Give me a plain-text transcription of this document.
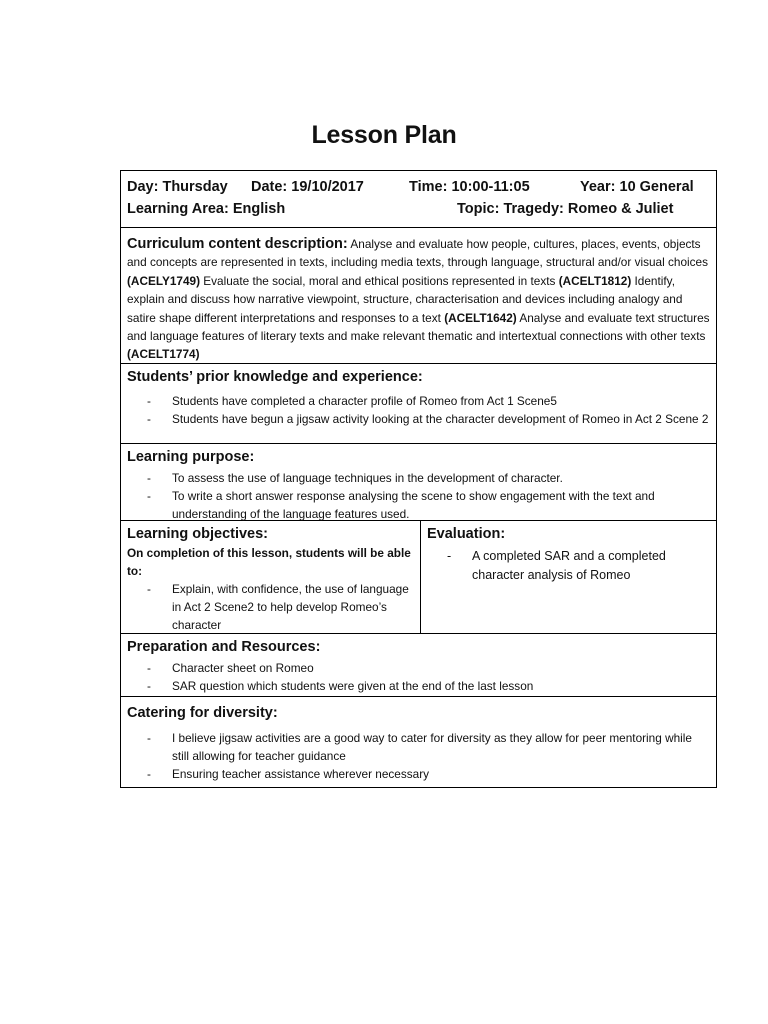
Lesson Plan
Day: Thursday	Date: 19/10/2017	Time: 10:00-11:05	Year: 10 General
Learning Area: English	Topic: Tragedy: Romeo & Juliet

Curriculum content description: Analyse and evaluate how people, cultures, places, events, objects and concepts are represented in texts, including media texts, through language, structural and/or visual choices (ACELY1749) Evaluate the social, moral and ethical positions represented in texts (ACELT1812) Identify, explain and discuss how narrative viewpoint, structure, characterisation and devices including analogy and satire shape different interpretations and responses to a text (ACELT1642) Analyse and evaluate text structures and language features of literary texts and make relevant thematic and intertextual connections with other texts (ACELT1774)

Students’ prior knowledge and experience:
- Students have completed a character profile of Romeo from Act 1 Scene5
- Students have begun a jigsaw activity looking at the character development of Romeo in Act 2 Scene 2
Learning purpose:
- To assess the use of language techniques in the development of character.
- To write a short answer response analysing the scene to show engagement with the text and understanding of the language features used.
Learning objectives:
On completion of this lesson, students will be able to:
- Explain, with confidence, the use of language in Act 2 Scene2 to help develop Romeo’s character
Evaluation:
- A completed SAR and a completed character analysis of Romeo
Preparation and Resources:
- Character sheet on Romeo
- SAR question which students were given at the end of the last lesson
Catering for diversity:
- I believe jigsaw activities are a good way to cater for diversity as they allow for peer mentoring while still allowing for teacher guidance
- Ensuring teacher assistance wherever necessary
